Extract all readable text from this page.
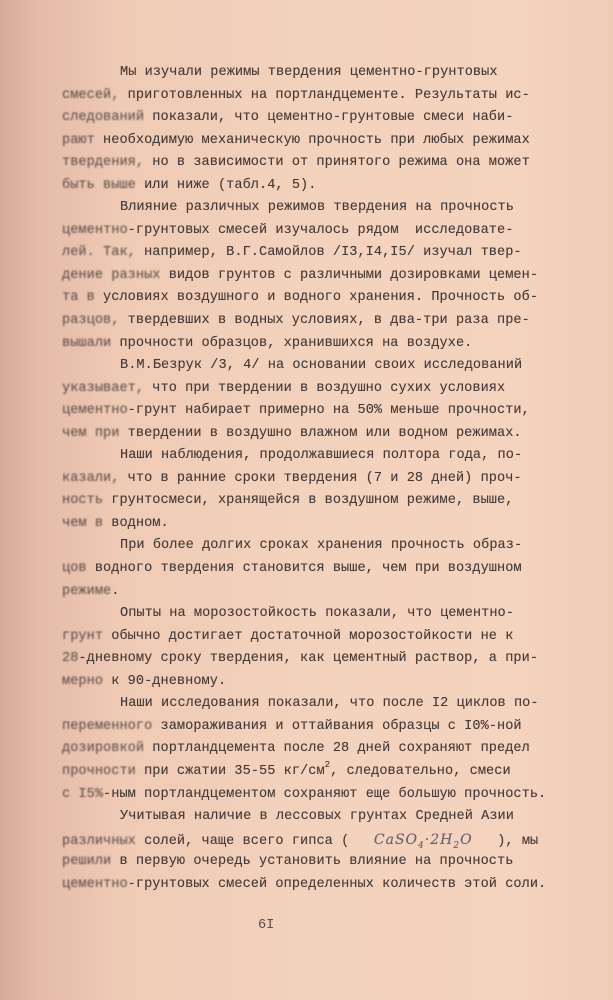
Мы изучали режимы твердения цементно-грунтовых
смесей, приготовленных на портландцементе. Результаты ис-
следований показали, что цементно-грунтовые смеси наби-
рают необходимую механическую прочность при любых режимах
твердения, но в зависимости от принятого режима она может
быть выше или ниже (табл.4, 5).
Влияние различных режимов твердения на прочность
цементно-грунтовых смесей изучалось рядом  исследовате-
лей. Так, например, В.Г.Самойлов /I3,I4,I5/ изучал твер-
дение разных видов грунтов с различными дозировками цемен-
та в условиях воздушного и водного хранения. Прочность об-
разцов, твердевших в водных условиях, в два-три раза пре-
вышали прочности образцов, хранившихся на воздухе.
В.М.Безрук /3, 4/ на основании своих исследований
указывает, что при твердении в воздушно сухих условиях
цементно-грунт набирает примерно на 50% меньше прочности,
чем при твердении в воздушно влажном или водном режимах.
Наши наблюдения, продолжавшиеся полтора года, по-
казали, что в ранние сроки твердения (7 и 28 дней) проч-
ность грунтосмеси, хранящейся в воздушном режиме, выше,
чем в водном.
При более долгих сроках хранения прочность образ-
цов водного твердения становится выше, чем при воздушном
режиме.
Опыты на морозостойкость показали, что цементно-
грунт обычно достигает достаточной морозостойкости не к
28-дневному сроку твердения, как цементный раствор, а при-
мерно к 90-дневному.
Наши исследования показали, что после I2 циклов по-
переменного замораживания и оттайвания образцы с I0%-ной
дозировкой портландцемента после 28 дней сохраняют предел
прочности при сжатии 35-55 $кг/см^2$, следовательно, смеси
с I5%-ным портландцементом сохраняют еще большую прочность.
Учитывая наличие в лессовых грунтах Средней Азии
различных солей, чаще всего гипса (   $CaSO_4\cdot 2H_2O$   ), мы
решили в первую очередь установить влияние на прочность
цементно-грунтовых смесей определенных количеств этой соли.
6I
